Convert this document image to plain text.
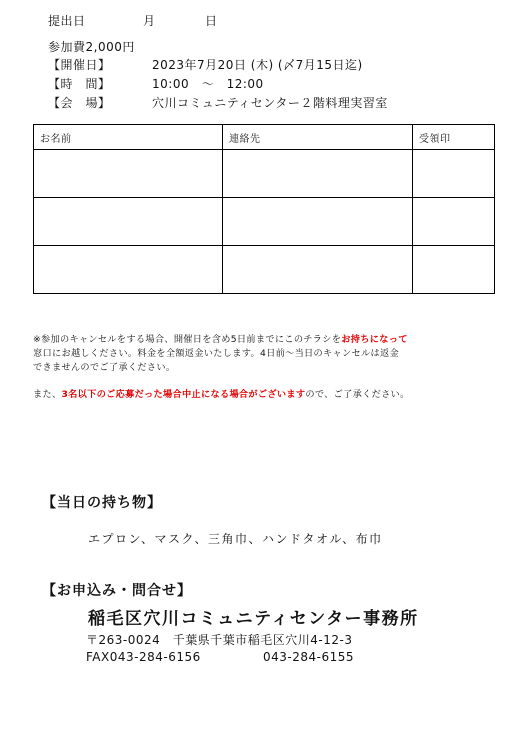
提出日	月	日
参加費2,000円
【開催日】	2023年7月20日 (木) (〆7月15日迄)
【時　間】	10:00　～　12:00
【会　場】	穴川コミュニティセンター２階料理実習室
お名前	連絡先	受領印

※参加のキャンセルをする場合、開催日を含め5日前までにこのチラシをお持ちになって
窓口にお越しください。料金を全額返金いたします。4日前～当日のキャンセルは返金
できませんのでご了承ください。
また、3名以下のご応募だった場合中止になる場合がございますので、ご了承ください。
【当日の持ち物】
エプロン、マスク、三角巾、ハンドタオル、布巾
【お申込み・問合せ】
稲毛区穴川コミュニティセンター事務所
〒263-0024　千葉県千葉市稲毛区穴川4-12-3
FAX043-284-6156	043-284-6155
